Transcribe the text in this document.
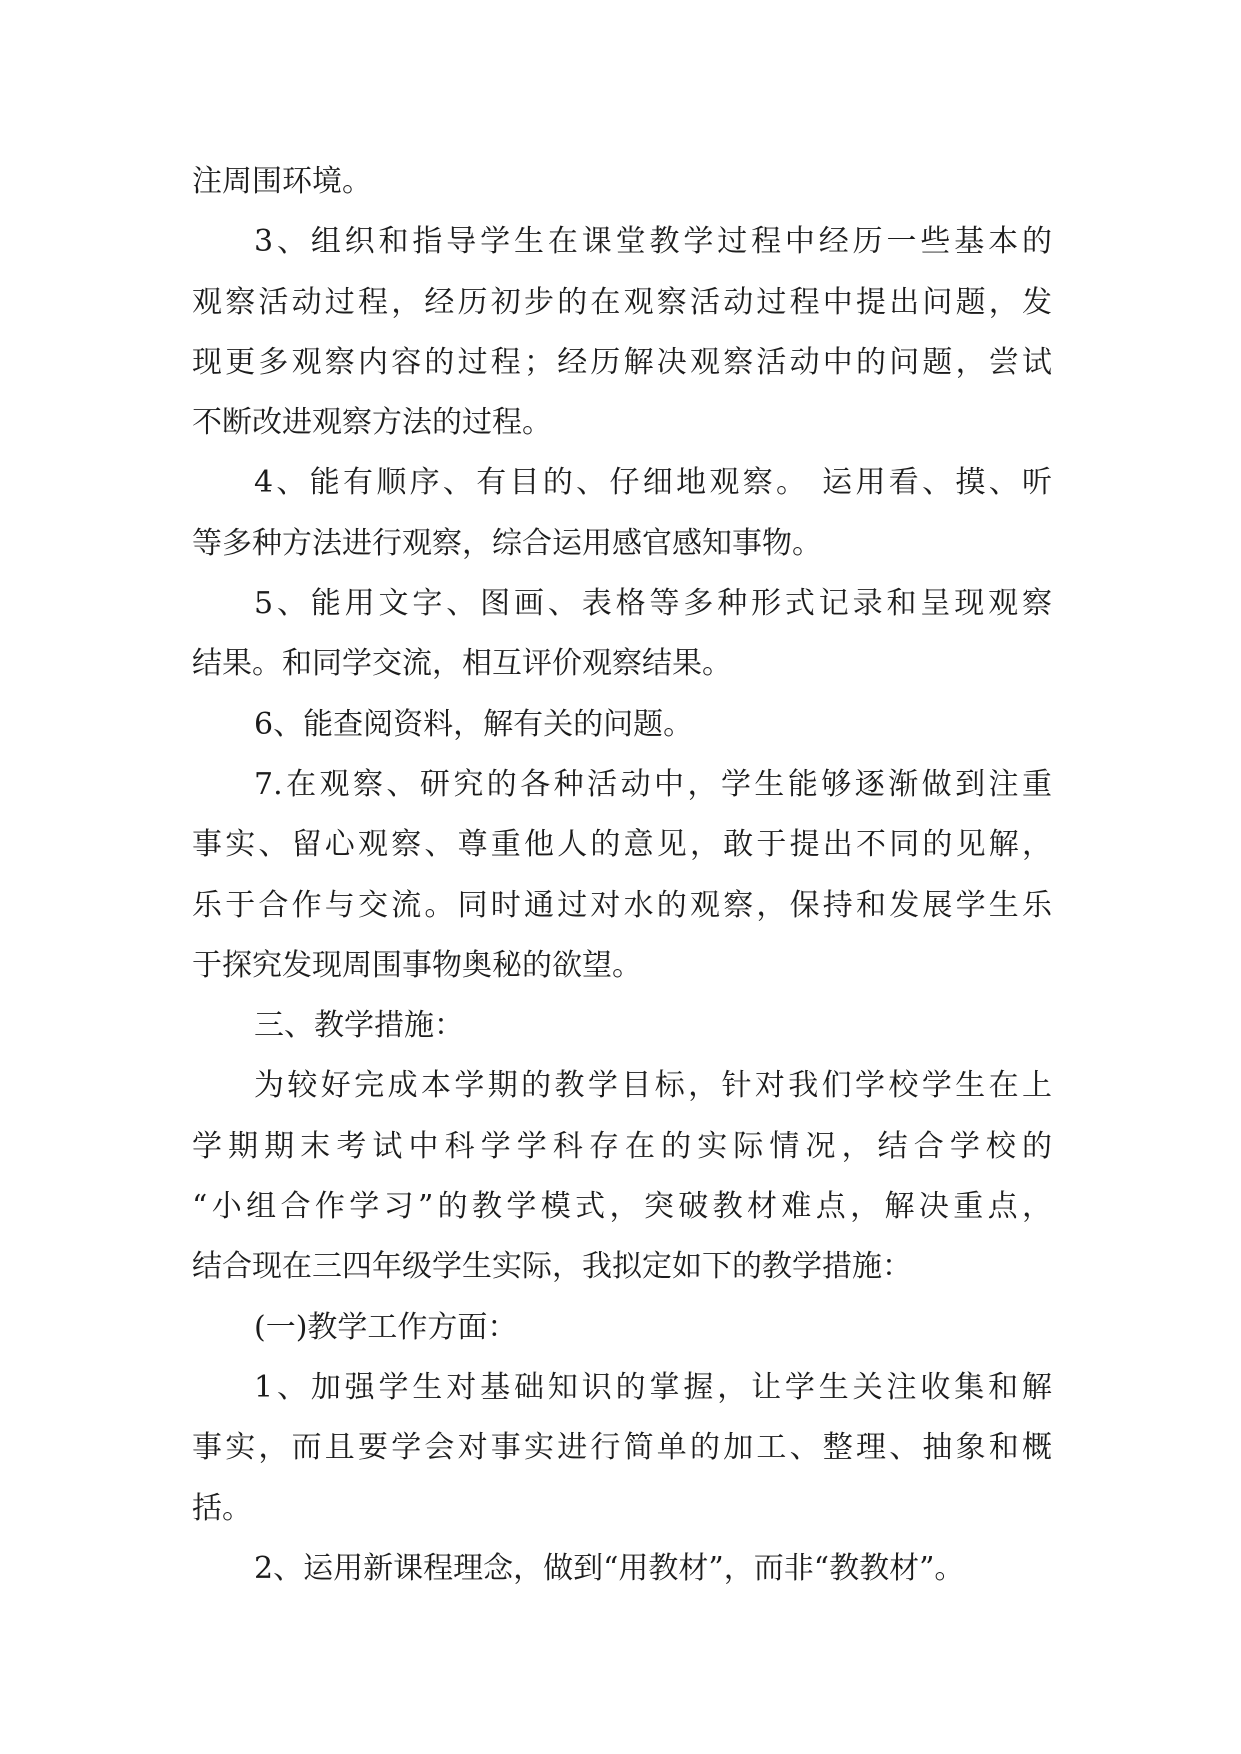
注周围环境。
3、组织和指导学生在课堂教学过程中经历一些基本的
观察活动过程，经历初步的在观察活动过程中提出问题，发
现更多观察内容的过程；经历解决观察活动中的问题，尝试
不断改进观察方法的过程。
4、能有顺序、有目的、仔细地观察。 运用看、摸、听
等多种方法进行观察，综合运用感官感知事物。
5、能用文字、图画、表格等多种形式记录和呈现观察
结果。和同学交流，相互评价观察结果。
6、能查阅资料，解有关的问题。
7.在观察、研究的各种活动中，学生能够逐渐做到注重
事实、留心观察、尊重他人的意见，敢于提出不同的见解，
乐于合作与交流。同时通过对水的观察，保持和发展学生乐
于探究发现周围事物奥秘的欲望。
三、教学措施：
为较好完成本学期的教学目标，针对我们学校学生在上
学期期末考试中科学学科存在的实际情况，结合学校的
“小组合作学习”的教学模式，突破教材难点，解决重点，
结合现在三四年级学生实际，我拟定如下的教学措施：
(一)教学工作方面：
1、加强学生对基础知识的掌握，让学生关注收集和解
事实，而且要学会对事实进行简单的加工、整理、抽象和概
括。
2、运用新课程理念，做到“用教材”，而非“教教材”。
